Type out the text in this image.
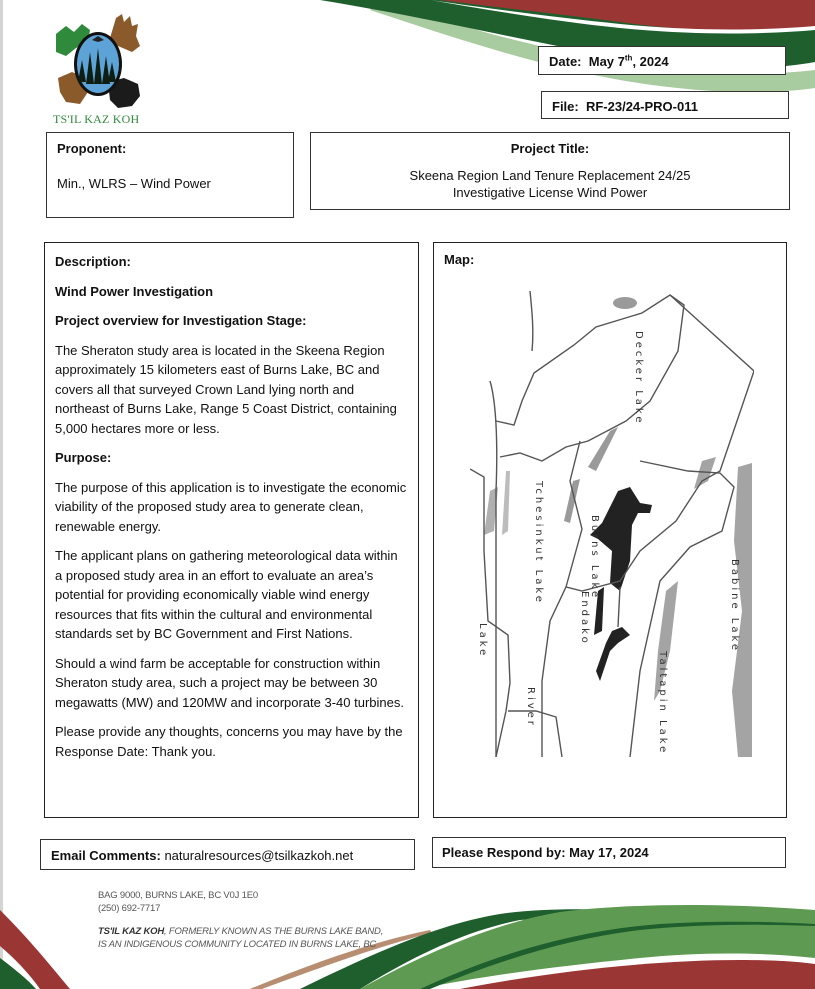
TS'IL KAZ KOH
Date: May 7th, 2024
File: RF-23/24-PRO-011
Proponent:
Min., WLRS – Wind Power
Project Title:
Skeena Region Land Tenure Replacement 24/25
Investigative License Wind Power
Description:
Wind Power Investigation
Project overview for Investigation Stage:

The Sheraton study area is located in the Skeena Region approximately 15 kilometers east of Burns Lake, BC and covers all that surveyed Crown Land lying north and northeast of Burns Lake, Range 5 Coast District, containing 5,000 hectares more or less.

Purpose:

The purpose of this application is to investigate the economic viability of the proposed study area to generate clean, renewable energy.

The applicant plans on gathering meteorological data within a proposed study area in an effort to evaluate an area’s potential for providing economically viable wind energy resources that fits within the cultural and environmental standards set by BC Government and First Nations.

Should a wind farm be acceptable for construction within Sheraton study area, such a project may be between 30 megawatts (MW) and 120MW and incorporate 3-40 turbines.

Please provide any thoughts, concerns you may have by the Response Date: Thank you.

Map:
Decker Lake
Burns Lake
Tchesinkut Lake
Endako
River
Lake	Babine Lake
Taltapin Lake
Email Comments: naturalresources@tsilkazkoh.net	Please Respond by: May 17, 2024
BAG 9000, BURNS LAKE, BC V0J 1E0
(250) 692-7717
TS'IL KAZ KOH, FORMERLY KNOWN AS THE BURNS LAKE BAND,
IS AN INDIGENOUS COMMUNITY LOCATED IN BURNS LAKE, BC
